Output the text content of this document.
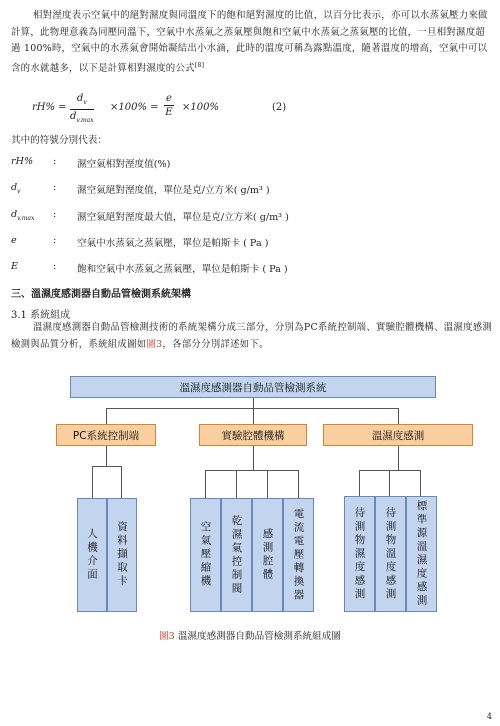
相對溼度表示空氣中的絕對濕度與同溫度下的飽和絕對濕度的比值，以百分比表示，亦可以水蒸氣壓力來做計算，此物理意義為同壓同溫下，空氣中水蒸氣之蒸氣壓與飽和空氣中水蒸氣之蒸氣壓的比值，一旦相對濕度超過 100%時，空氣中的水蒸氣會開始凝結出小水滴，此時的溫度可稱為露點溫度，隨著溫度的增高，空氣中可以含的水就越多，以下是計算相對濕度的公式[8]

rH% =
$d_v$
$d_{v.max}$
$\times 100\% = \frac{e}{E} \times 100\%$	(2)
其中的符號分別代表：
rH% : 濕空氣相對溼度值(%)
$d_v$	: 濕空氣絕對溼度值，單位是克/立方米( g/m³ )
$d_{v.max}$ : 濕空氣絕對溼度最大值，單位是克/立方米( g/m³ )
e	: 空氣中水蒸氣之蒸氣壓，單位是帕斯卡 ( Pa )
E	: 飽和空氣中水蒸氣之蒸氣壓，單位是帕斯卡 ( Pa )
三、溫濕度感測器自動品管檢測系統架構
3.1 系統組成

溫濕度感測器自動品管檢測技術的系統架構分成三部分，分別為PC系統控制端、實驗腔體機構、溫濕度感測檢測與品質分析，系統組成圖如圖3，各部分分別詳述如下。

溫濕度感測器自動品管檢測系統
PC系統控制端	實驗腔體機構	溫濕度感測
人機介面	資料擷取卡	空氣壓縮機	乾濕氣控制閥	感測腔體	電流電壓轉換器	待測物濕度感測	待測物溫度感測	標準源溫濕度感測
圖3 溫濕度感測器自動品管檢測系統組成圖
4
